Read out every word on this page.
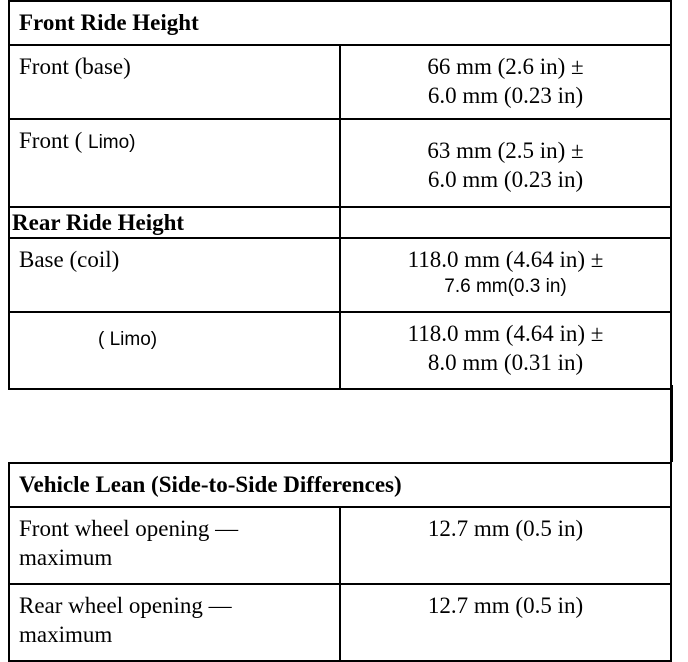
Front Ride Height	

Front (base)	66 mm (2.6 in) ±
6.0 mm (0.23 in)

Front ( Limo)	63 mm (2.5 in) ±
6.0 mm (0.23 in)

Rear Ride Height	

Base (coil)	118.0 mm (4.64 in) ±
7.6 mm(0.3 in)

( Limo)	118.0 mm (4.64 in) ±
8.0 mm (0.31 in)
Vehicle Lean (Side-to-Side Differences)	

Front wheel opening —
maximum	12.7 mm (0.5 in)

Rear wheel opening —
maximum	12.7 mm (0.5 in)
